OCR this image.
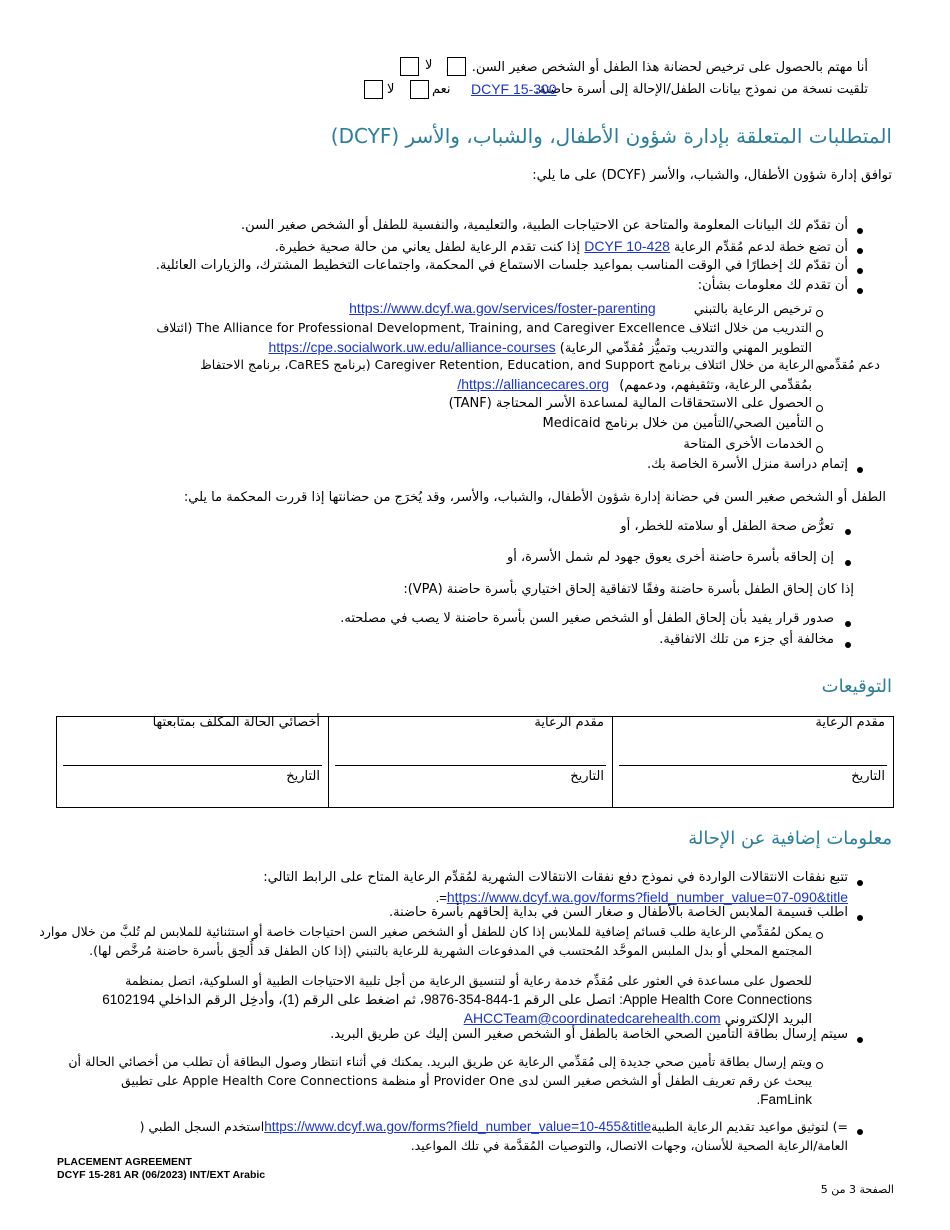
أنا مهتم بالحصول على ترخيص لحضانة هذا الطفل أو الشخص صغير السن.
لا
تلقيت نسخة من نموذج بيانات الطفل/الإحالة إلى أسرة حاضنة.
DCYF 15-300
نعم
لا
المتطلبات المتعلقة بإدارة شؤون الأطفال، والشباب، والأسر (DCYF)
توافق إدارة شؤون الأطفال، والشباب، والأسر (DCYF) على ما يلي:
أن تقدّم لك البيانات المعلومة والمتاحة عن الاحتياجات الطبية، والتعليمية، والنفسية للطفل أو الشخص صغير السن.
أن تضع خطة لدعم مُقدِّم الرعاية DCYF 10-428 إذا كنت تقدم الرعاية لطفل يعاني من حالة صحية خطيرة.
أن تقدّم لك إخطارًا في الوقت المناسب بمواعيد جلسات الاستماع في المحكمة، واجتماعات التخطيط المشترك، والزيارات العائلية.
أن تقدم لك معلومات بشأن:
ترخيص الرعاية بالتبني https://www.dcyf.wa.gov/services/foster-parenting
التدريب من خلال ائتلاف The Alliance for Professional Development, Training, and Caregiver Excellence (ائتلاف
التطوير المهني والتدريب وتميُّز مُقدِّمي الرعاية) https://cpe.socialwork.uw.edu/alliance-courses
دعم مُقدِّمي الرعاية من خلال ائتلاف برنامج Caregiver Retention, Education, and Support (برنامج CaRES، برنامج الاحتفاظ
بمُقدِّمي الرعاية، وتثقيفهم، ودعمهم) https://alliancecares.org/
الحصول على الاستحقاقات المالية لمساعدة الأسر المحتاجة (TANF)
التأمين الصحي/التأمين من خلال برنامج Medicaid
الخدمات الأخرى المتاحة
إتمام دراسة منزل الأسرة الخاصة بك.
الطفل أو الشخص صغير السن في حضانة إدارة شؤون الأطفال، والشباب، والأسر، وقد يُخرَج من حضانتها إذا قررت المحكمة ما يلي:
تعرُّض صحة الطفل أو سلامته للخطر، أو
إن إلحاقه بأسرة حاضنة أخرى يعوق جهود لم شمل الأسرة، أو
إذا كان إلحاق الطفل بأسرة حاضنة وفقًا لاتفاقية إلحاق اختياري بأسرة حاضنة (VPA):
صدور قرار يفيد بأن إلحاق الطفل أو الشخص صغير السن بأسرة حاضنة لا يصب في مصلحته.
مخالفة أي جزء من تلك الاتفاقية.
التوقيعات
أخصائي الحالة المكلف بمتابعتها
التاريخ

مقدم الرعاية
التاريخ

مقدم الرعاية
التاريخ
معلومات إضافية عن الإحالة
تتبع نفقات الانتقالات الواردة في نموذج دفع نفقات الانتقالات الشهرية لمُقدِّم الرعاية المتاح على الرابط التالي:
https://www.dcyf.wa.gov/forms?field_number_value=07-090&title=.
اطلب قسيمة الملابس الخاصة بالأطفال و صغار السن في بداية إلحاقهم بأسرة حاضنة.
يمكن لمُقدِّمي الرعاية طلب قسائم إضافية للملابس إذا كان للطفل أو الشخص صغير السن احتياجات خاصة أو استثنائية للملابس لم تُلبَّ من خلال موارد
المجتمع المحلي أو بدل الملبس الموحَّد المُحتسب في المدفوعات الشهرية للرعاية بالتبني (إذا كان الطفل قد أُلحِق بأسرة حاضنة مُرخَّص لها).
للحصول على مساعدة في العثور على مُقدِّم خدمة رعاية أو لتنسيق الرعاية من أجل تلبية الاحتياجات الطبية أو السلوكية، اتصل بمنظمة
Apple Health Core Connections: اتصل على الرقم 1-844-354-9876، ثم اضغط على الرقم (1)، وأدخِل الرقم الداخلي 6102194
البريد الإلكتروني AHCCTeam@coordinatedcarehealth.com
سيتم إرسال بطاقة التأمين الصحي الخاصة بالطفل أو الشخص صغير السن إليك عن طريق البريد.
ويتم إرسال بطاقة تأمين صحي جديدة إلى مُقدِّمي الرعاية عن طريق البريد. يمكنك في أثناء انتظار وصول البطاقة أن تطلب من أخصائي الحالة أن
يبحث عن رقم تعريف الطفل أو الشخص صغير السن لدى Provider One أو منظمة Apple Health Core Connections على تطبيق
FamLink.
=) لتوثيق مواعيد تقديم الرعاية الطبيةhttps://www.dcyf.wa.gov/forms?field_number_value=10-455&titleاستخدم السجل الطبي (
العامة/الرعاية الصحية للأسنان، وجهات الاتصال، والتوصيات المُقدَّمة في تلك المواعيد.
PLACEMENT AGREEMENT
DCYF 15-281 AR (06/2023) INT/EXT Arabic
الصفحة 3 من 5
